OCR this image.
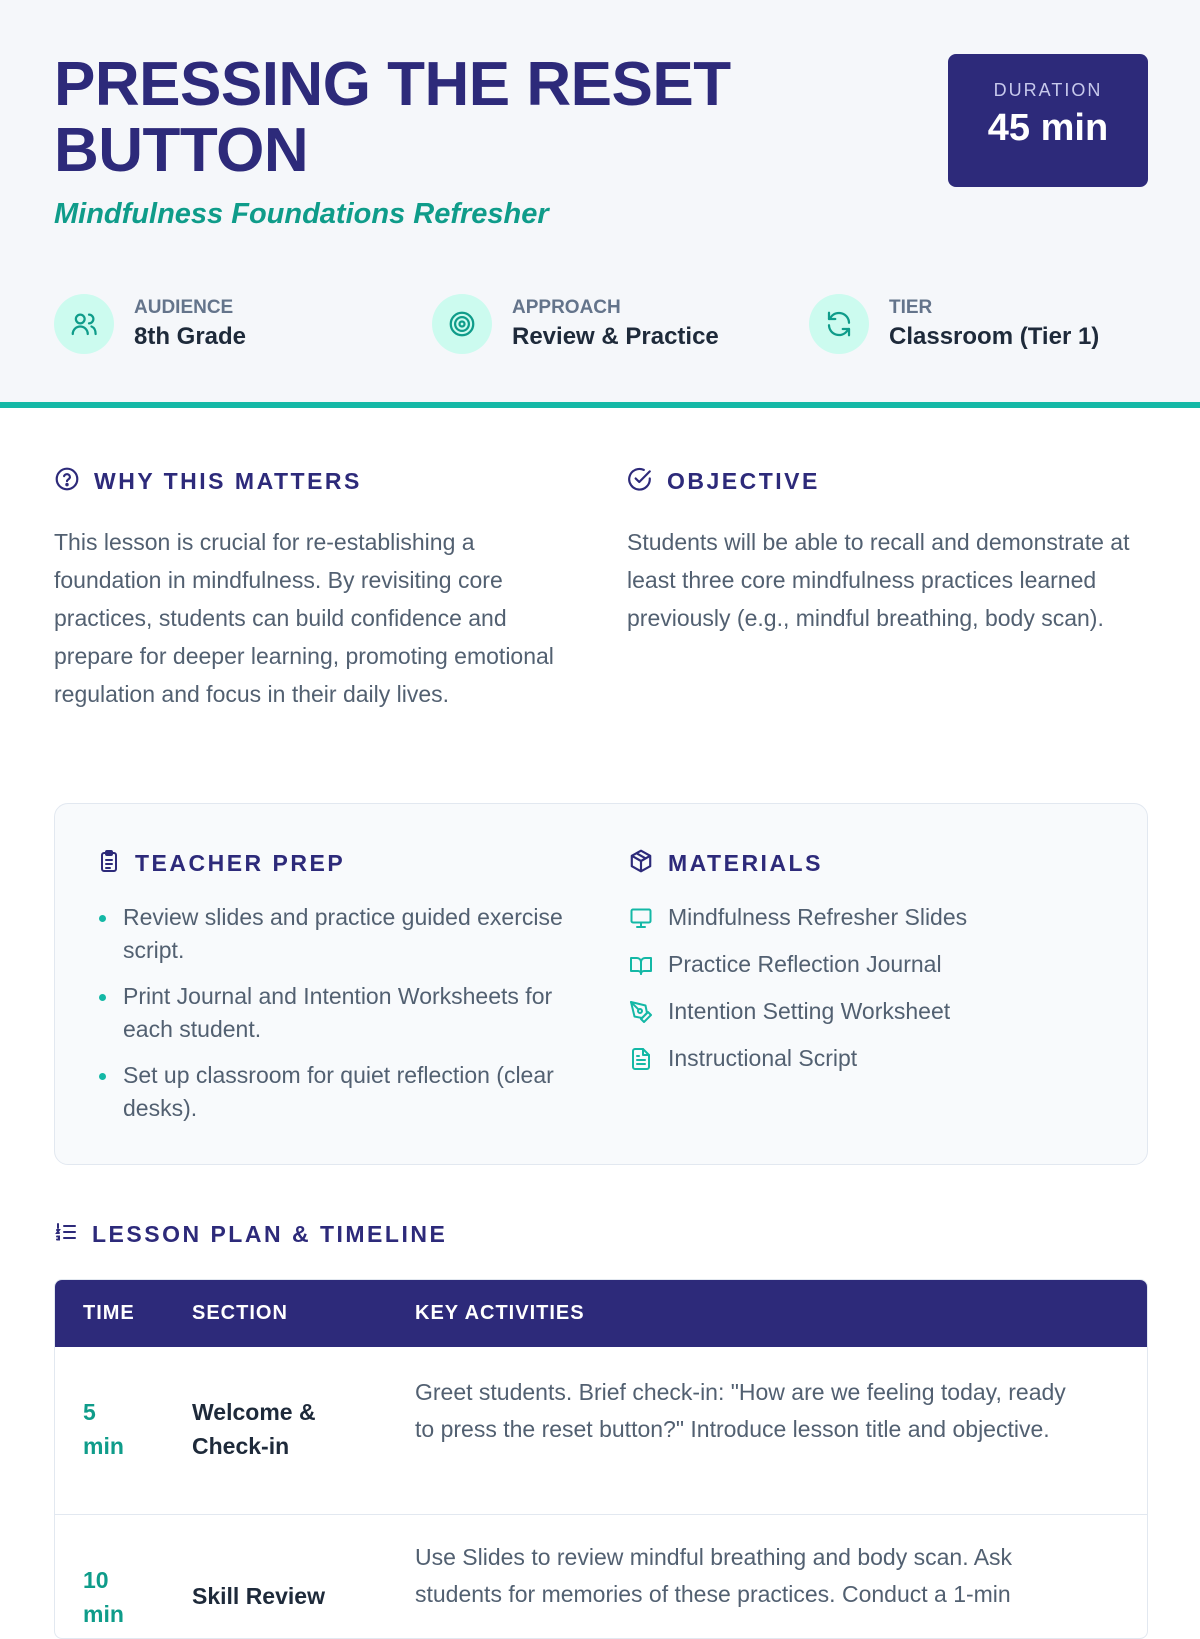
PRESSING THE RESET BUTTON
Mindfulness Foundations Refresher
DURATION
45 min
AUDIENCE
8th Grade
APPROACH
Review & Practice
TIER
Classroom (Tier 1)
WHY THIS MATTERS

This lesson is crucial for re-establishing a foundation in mindfulness. By revisiting core practices, students can build confidence and prepare for deeper learning, promoting emotional regulation and focus in their daily lives.

OBJECTIVE

Students will be able to recall and demonstrate at least three core mindfulness practices learned previously (e.g., mindful breathing, body scan).

TEACHER PREP
Review slides and practice guided exercise script.
Print Journal and Intention Worksheets for each student.
Set up classroom for quiet reflection (clear desks).
MATERIALS
Mindfulness Refresher Slides
Practice Reflection Journal
Intention Setting Worksheet
Instructional Script
LESSON PLAN & TIMELINE
TIME	SECTION	KEY ACTIVITIES
5 min
Welcome & Check-in
Greet students. Brief check-in: "How are we feeling today, ready to press the reset button?" Introduce lesson title and objective.
10 min
Skill Review
Use Slides to review mindful breathing and body scan. Ask students for memories of these practices. Conduct a 1-min
